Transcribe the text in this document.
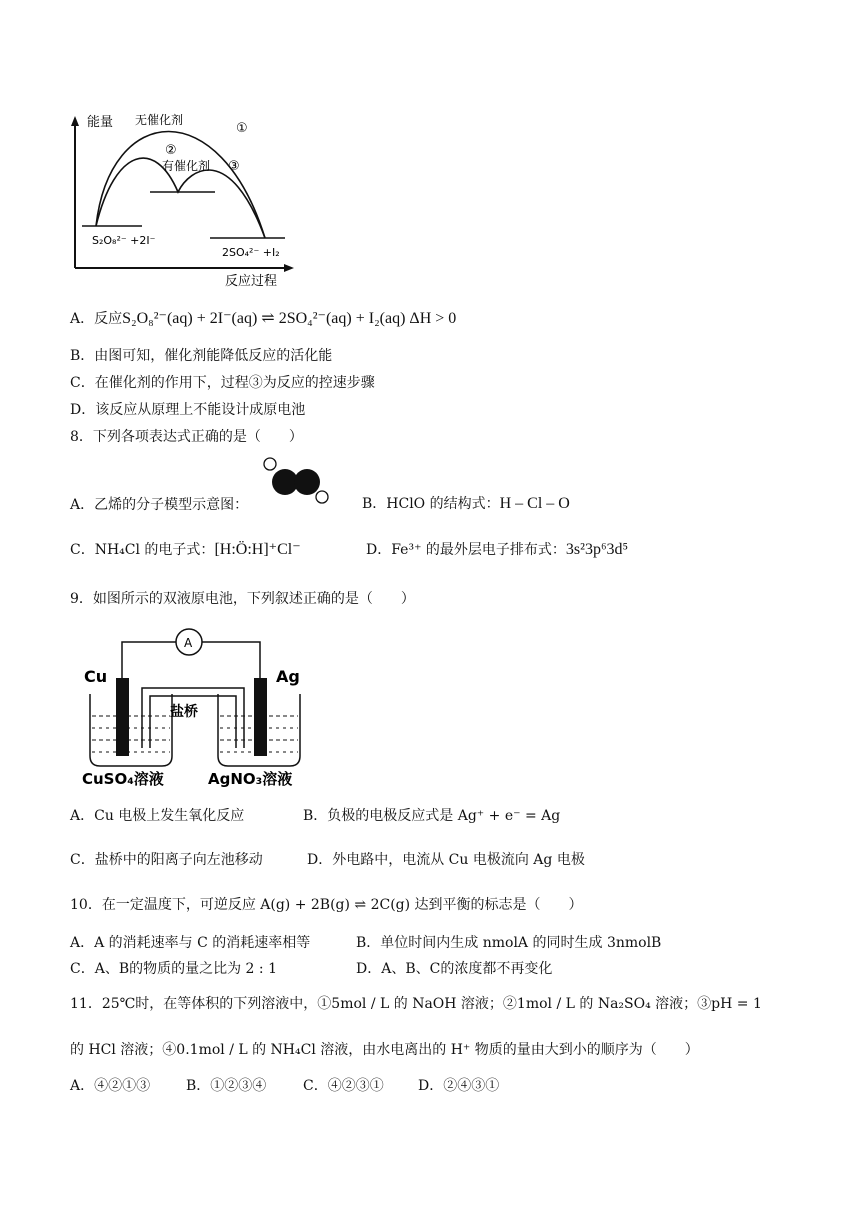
能量
反应过程
无催化剂
有催化剂
①
②
③
S₂O₈²⁻ +2I⁻
2SO₄²⁻ +I₂
A．反应S₂O₈²⁻(aq) + 2I⁻(aq) ⇌ 2SO₄²⁻(aq) + I₂(aq) ΔH > 0
B．由图可知，催化剂能降低反应的活化能
C．在催化剂的作用下，过程③为反应的控速步骤
D．该反应从原理上不能设计成原电池
8．下列各项表达式正确的是（　　）
A．乙烯的分子模型示意图：	B．HClO 的结构式：H – Cl – O
C．NH₄Cl 的电子式：[H:Ö:H]⁺Cl⁻	D．Fe³⁺ 的最外层电子排布式：3s²3p⁶3d⁵
9．如图所示的双液原电池，下列叙述正确的是（　　）
A
Cu	Ag
盐桥
CuSO₄溶液	AgNO₃溶液
A．Cu 电极上发生氧化反应	B．负极的电极反应式是 Ag⁺ + e⁻ = Ag
C．盐桥中的阳离子向左池移动	D．外电路中，电流从 Cu 电极流向 Ag 电极
10．在一定温度下，可逆反应 A(g) + 2B(g) ⇌ 2C(g) 达到平衡的标志是（　　）
A．A 的消耗速率与 C 的消耗速率相等	B．单位时间内生成 nmolA 的同时生成 3nmolB
C．A、B的物质的量之比为 2 : 1	D．A、B、C的浓度都不再变化
11．25℃时，在等体积的下列溶液中，①5mol / L 的 NaOH 溶液；②1mol / L 的 Na₂SO₄ 溶液；③pH = 1
的 HCl 溶液；④0.1mol / L 的 NH₄Cl 溶液，由水电离出的 H⁺ 物质的量由大到小的顺序为（　　）
A．④②①③	B．①②③④	C．④②③① D．②④③①
